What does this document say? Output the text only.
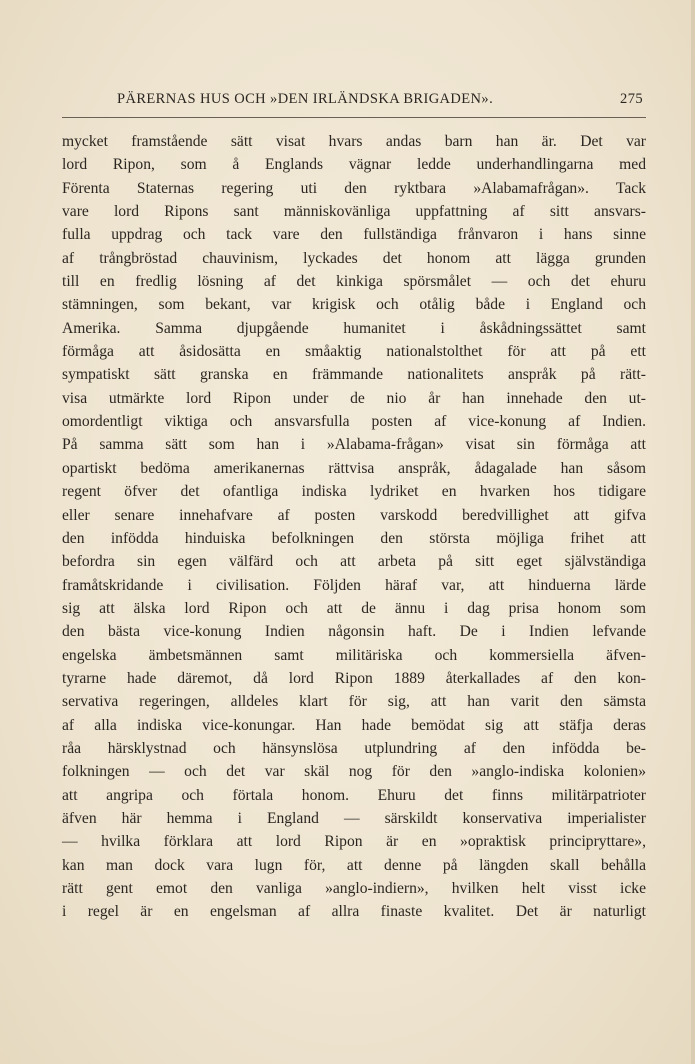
PÄRERNAS HUS OCH »DEN IRLÄNDSKA BRIGADEN».	275
mycket framstående sätt visat hvars andas barn han är. Det var
lord Ripon, som å Englands vägnar ledde underhandlingarna med
Förenta Staternas regering uti den ryktbara »Alabamafrågan». Tack
vare lord Ripons sant människovänliga uppfattning af sitt ansvars-
fulla uppdrag och tack vare den fullständiga frånvaron i hans sinne
af trångbröstad chauvinism, lyckades det honom att lägga grunden
till en fredlig lösning af det kinkiga spörsmålet — och det ehuru
stämningen, som bekant, var krigisk och otålig både i England och
Amerika. Samma djupgående humanitet i åskådningssättet samt
förmåga att åsidosätta en småaktig nationalstolthet för att på ett
sympatiskt sätt granska en främmande nationalitets anspråk på rätt-
visa utmärkte lord Ripon under de nio år han innehade den ut-
omordentligt viktiga och ansvarsfulla posten af vice-konung af Indien.
På samma sätt som han i »Alabama-frågan» visat sin förmåga att
opartiskt bedöma amerikanernas rättvisa anspråk, ådagalade han såsom
regent öfver det ofantliga indiska lydriket en hvarken hos tidigare
eller senare innehafvare af posten varskodd beredvillighet att gifva
den infödda hinduiska befolkningen den största möjliga frihet att
befordra sin egen välfärd och att arbeta på sitt eget självständiga
framåtskridande i civilisation. Följden häraf var, att hinduerna lärde
sig att älska lord Ripon och att de ännu i dag prisa honom som
den bästa vice-konung Indien någonsin haft. De i Indien lefvande
engelska ämbetsmännen samt militäriska och kommersiella äfven-
tyrarne hade däremot, då lord Ripon 1889 återkallades af den kon-
servativa regeringen, alldeles klart för sig, att han varit den sämsta
af alla indiska vice-konungar. Han hade bemödat sig att stäfja deras
råa härsklystnad och hänsynslösa utplundring af den infödda be-
folkningen — och det var skäl nog för den »anglo-indiska kolonien»
att angripa och förtala honom. Ehuru det finns militärpatrioter
äfven här hemma i England — särskildt konservativa imperialister
— hvilka förklara att lord Ripon är en »opraktisk principryttare»,
kan man dock vara lugn för, att denne på längden skall behålla
rätt gent emot den vanliga »anglo-indiern», hvilken helt visst icke
i regel är en engelsman af allra finaste kvalitet. Det är naturligt
